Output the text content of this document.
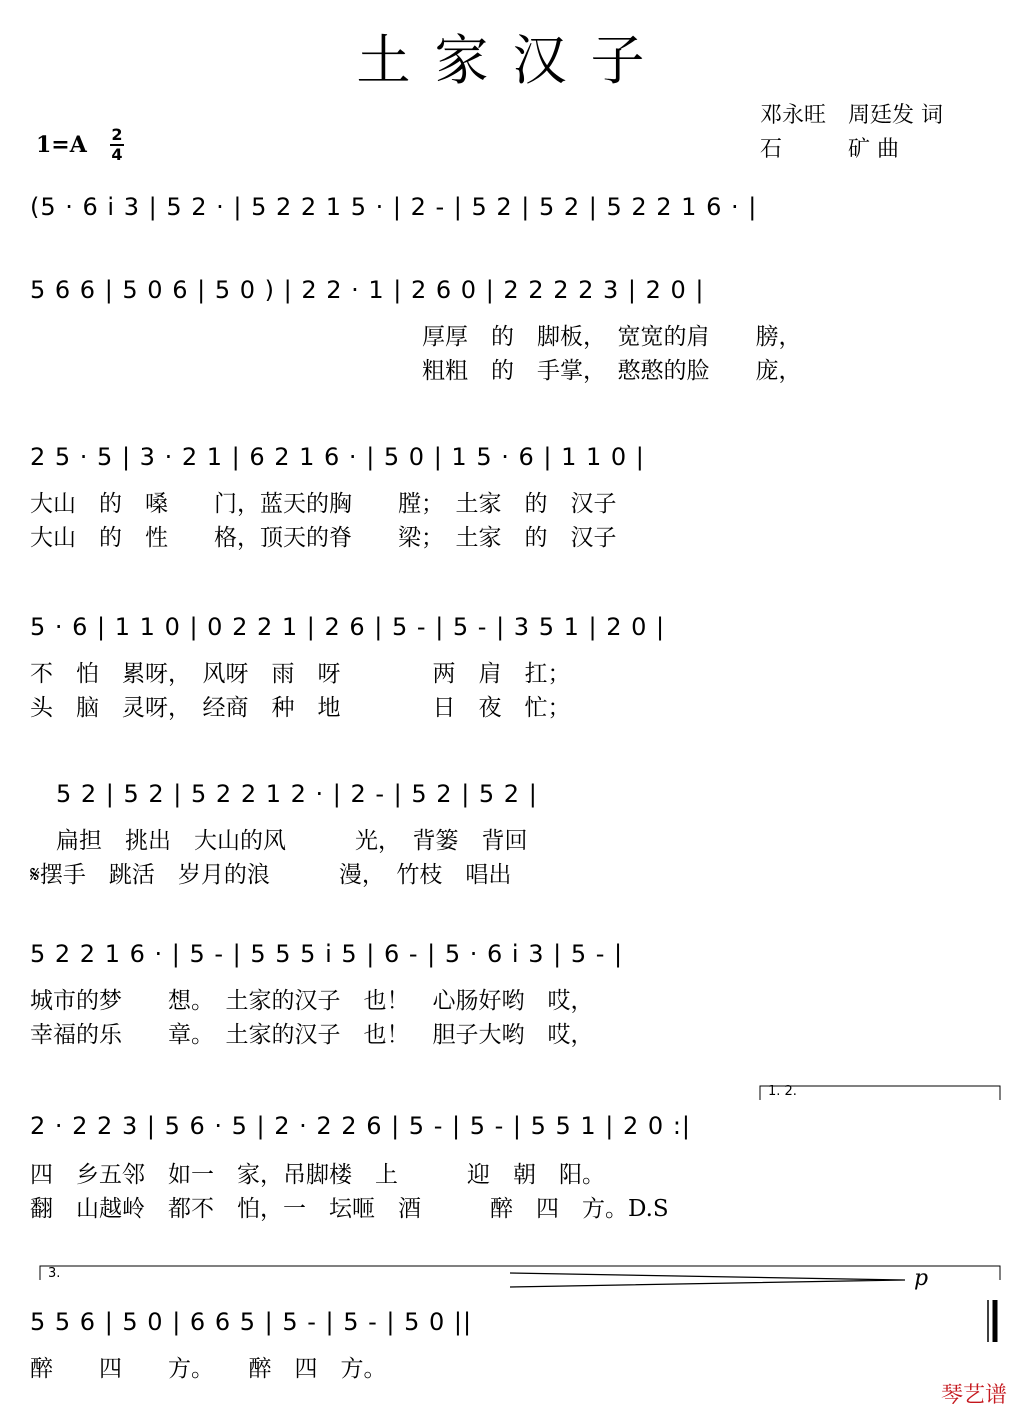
土家汉子
邓永旺　周廷发 词
石　　　矿 曲
1=A 2
4
(5 · 6 i 3 | 5 2 · | 5 2 2 1 5 · | 2 - | 5 2 | 5 2 | 5 2 2 1 6 · |
5 6 6 | 5 0 6 | 5 0 ) | 2 2 · 1 | 2 6 0 | 2 2 2 2 3 | 2 0 |
厚厚　的　脚板，　宽宽的肩　　膀，
粗粗　的　手掌，　憨憨的脸　　庞，
2 5 · 5 | 3 · 2 1 | 6 2 1 6 · | 5 0 | 1 5 · 6 | 1 1 0 |
大山　的　嗓　　门，蓝天的胸　　膛；　土家　的　汉子
大山　的　性　　格，顶天的脊　　梁；　土家　的　汉子
5 · 6 | 1 1 0 | 0 2 2 1 | 2 6 | 5 - | 5 - | 3 5 1 | 2 0 |
不　怕　累呀，　风呀　雨　呀　　　　两　肩　扛；
头　脑　灵呀，　经商　种　地　　　　日　夜　忙；
5 2 | 5 2 | 5 2 2 1 2 · | 2 - | 5 2 | 5 2 |
扁担　挑出　大山的风　　　光，　背篓　背回
𝄋摆手　跳活　岁月的浪　　　漫，　竹枝　唱出
5 2 2 1 6 · | 5 - | 5 5 5 i 5 | 6 - | 5 · 6 i 3 | 5 - |
城市的梦　　想。　土家的汉子　也！　心肠好哟　哎，
幸福的乐　　章。　土家的汉子　也！　胆子大哟　哎，
1. 2.
2 · 2 2 3 | 5 6 · 5 | 2 · 2 2 6 | 5 - | 5 - | 5 5 1 | 2 0 :|
四　乡五邻　如一　家，吊脚楼　上　　　迎　朝　阳。
翻　山越岭　都不　怕，一　坛咂　酒　　　醉　四　方。D.S
3.	p
5 5 6 | 5 0 | 6 6 5 | 5 - | 5 - | 5 0 ||
醉　　四　　方。　　醉　四　方。
琴艺谱
